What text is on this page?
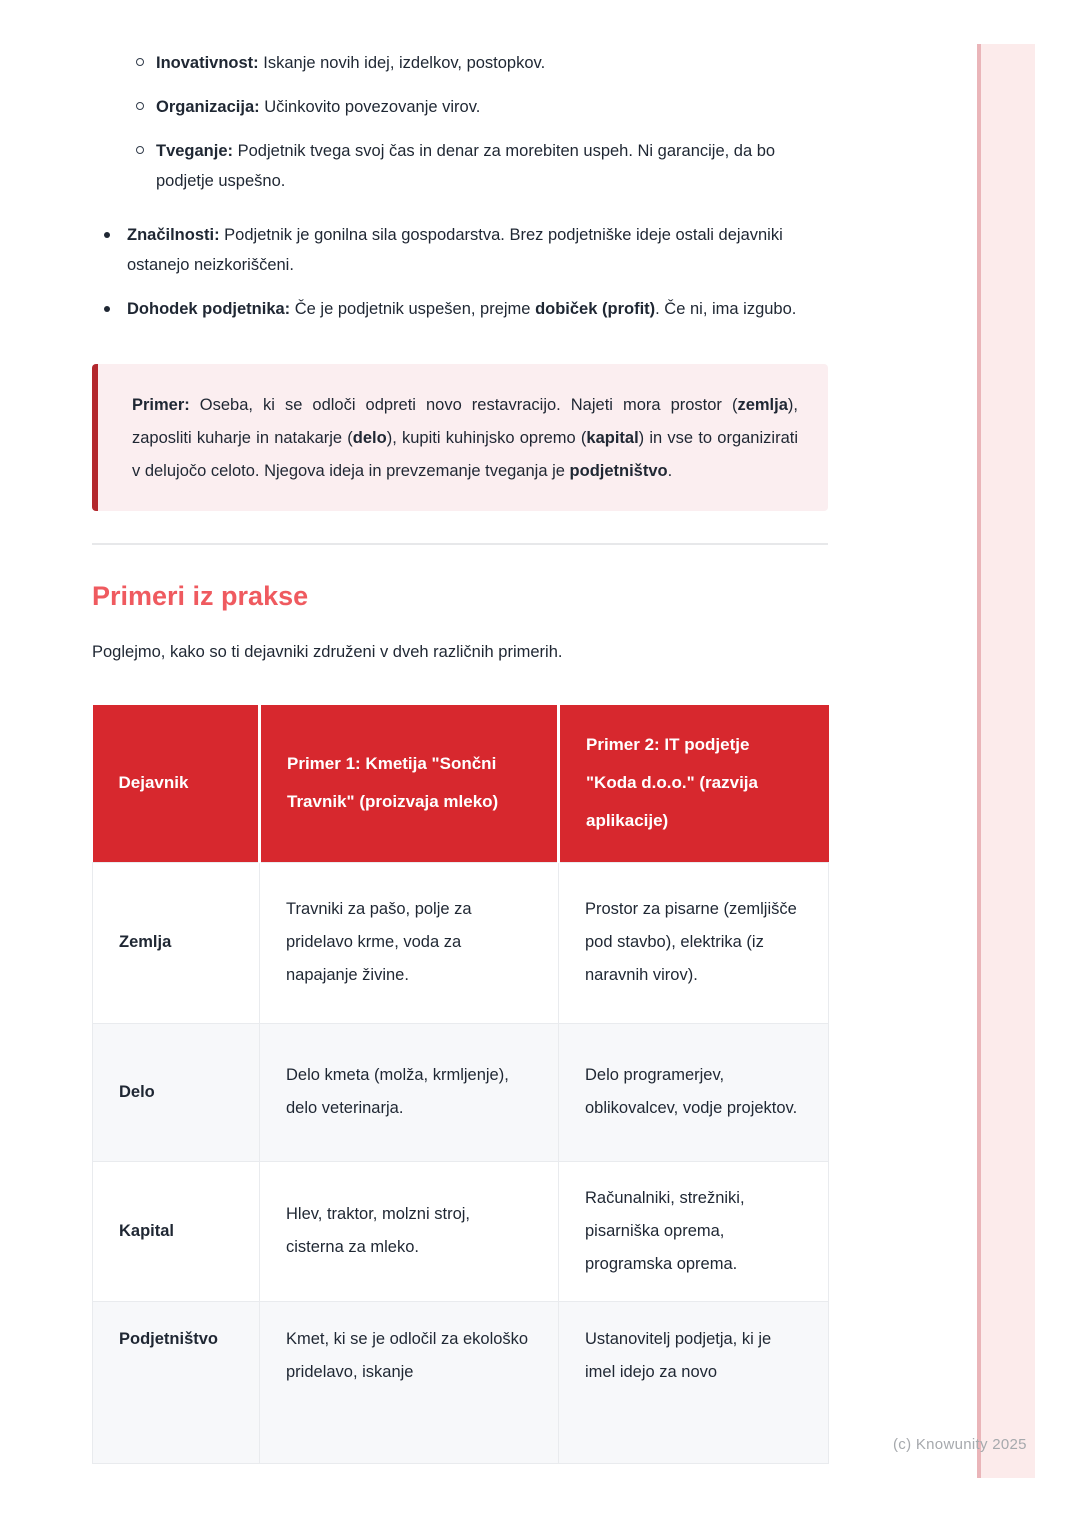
Inovativnost: Iskanje novih idej, izdelkov, postopkov.
Organizacija: Učinkovito povezovanje virov.
Tveganje: Podjetnik tvega svoj čas in denar za morebiten uspeh. Ni garancije, da bo podjetje uspešno.
Značilnosti: Podjetnik je gonilna sila gospodarstva. Brez podjetniške ideje ostali dejavniki ostanejo neizkoriščeni.
Dohodek podjetnika: Če je podjetnik uspešen, prejme dobiček (profit). Če ni, ima izgubo.
Primer: Oseba, ki se odloči odpreti novo restavracijo. Najeti mora prostor (zemlja), zaposliti kuharje in natakarje (delo), kupiti kuhinjsko opremo (kapital) in vse to organizirati v delujočo celoto. Njegova ideja in prevzemanje tveganja je podjetništvo.
Primeri iz prakse

Poglejmo, kako so ti dejavniki združeni v dveh različnih primerih.

Dejavnik	Primer 1: Kmetija "Sončni Travnik" (proizvaja mleko)	Primer 2: IT podjetje "Koda d.o.o." (razvija aplikacije)
Zemlja	Travniki za pašo, polje za pridelavo krme, voda za napajanje živine.	Prostor za pisarne (zemljišče pod stavbo), elektrika (iz naravnih virov).
Delo	Delo kmeta (molža, krmljenje), delo veterinarja.	Delo programerjev, oblikovalcev, vodje projektov.
Kapital	Hlev, traktor, molzni stroj, cisterna za mleko.	Računalniki, strežniki, pisarniška oprema, programska oprema.
Podjetništvo	Kmet, ki se je odločil za ekološko pridelavo, iskanje	Ustanovitelj podjetja, ki je imel idejo za novo
(c) Knowunity 2025
